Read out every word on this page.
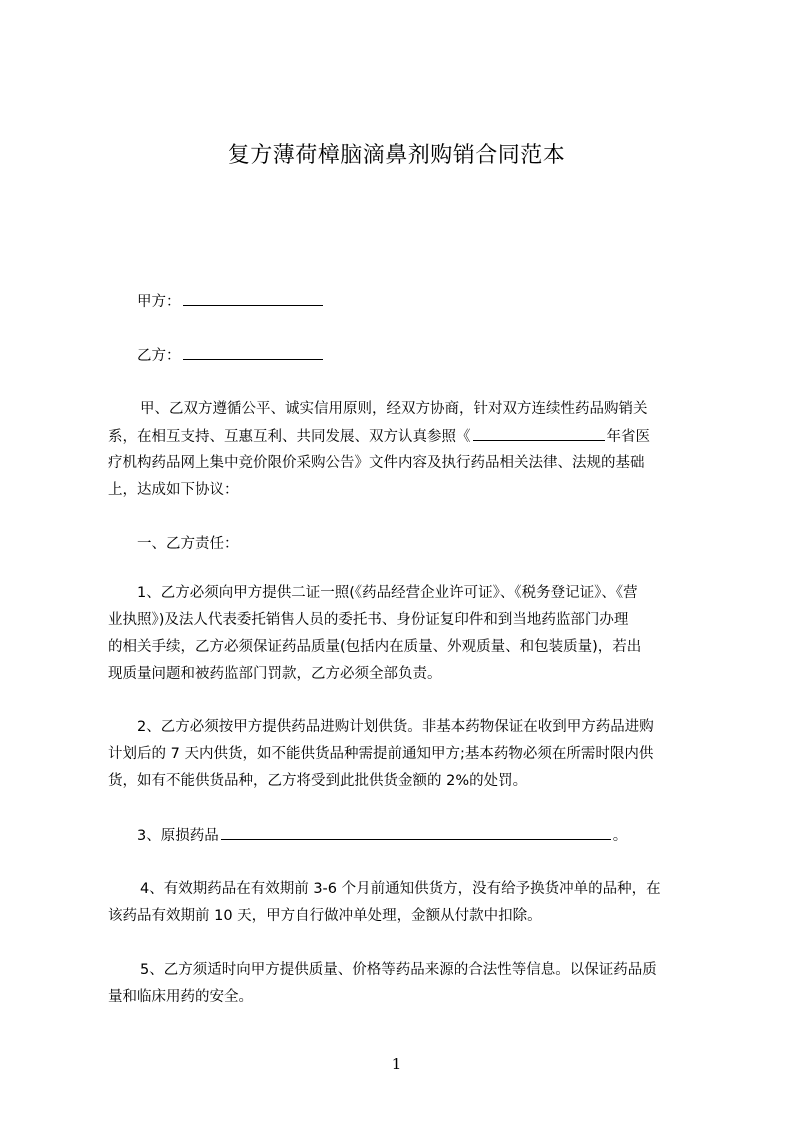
复方薄荷樟脑滴鼻剂购销合同范本
甲方：
乙方：
甲、乙双方遵循公平、诚实信用原则，经双方协商，针对双方连续性药品购销关
系，在相互支持、互惠互利、共同发展、双方认真参照《	年省医
疗机构药品网上集中竞价限价采购公告》文件内容及执行药品相关法律、法规的基础
上，达成如下协议：
一、乙方责任：
1、乙方必须向甲方提供二证一照(《药品经营企业许可证》、《税务登记证》、《营
业执照》)及法人代表委托销售人员的委托书、身份证复印件和到当地药监部门办理
的相关手续，乙方必须保证药品质量(包括内在质量、外观质量、和包装质量)，若出
现质量问题和被药监部门罚款，乙方必须全部负责。
2、乙方必须按甲方提供药品进购计划供货。非基本药物保证在收到甲方药品进购
计划后的 7 天内供货，如不能供货品种需提前通知甲方;基本药物必须在所需时限内供
货，如有不能供货品种，乙方将受到此批供货金额的 2%的处罚。
3、原损药品	。
4、有效期药品在有效期前 3-6 个月前通知供货方，没有给予换货冲单的品种，在
该药品有效期前 10 天，甲方自行做冲单处理，金额从付款中扣除。
5、乙方须适时向甲方提供质量、价格等药品来源的合法性等信息。以保证药品质
量和临床用药的安全。
1
